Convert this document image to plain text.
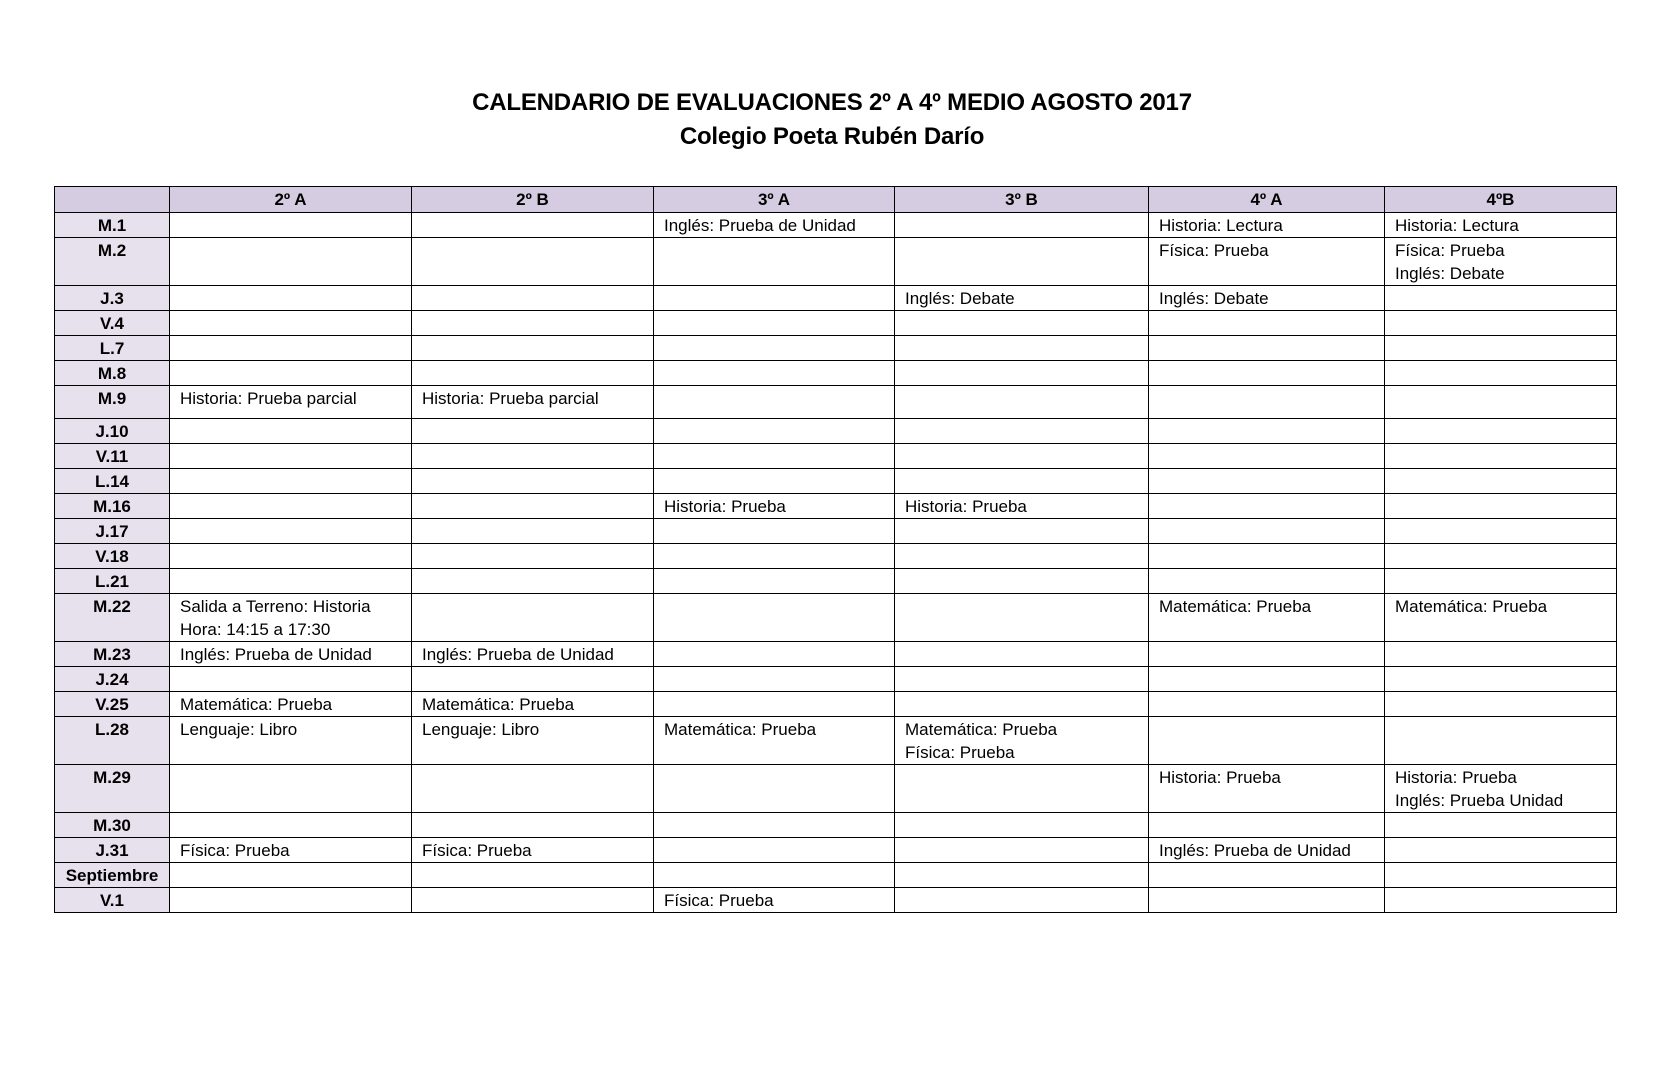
CALENDARIO DE EVALUACIONES 2º A 4º MEDIO AGOSTO 2017
Colegio Poeta Rubén Darío
	2º A	2º B	3º A	3º B	4º A	4ºB
M.1			Inglés: Prueba de Unidad		Historia: Lectura	Historia: Lectura

M.2					Física: Prueba	Física: Prueba
Inglés: Debate

J.3				Inglés: Debate	Inglés: Debate	

V.4						
L.7						
M.8						
M.9	Historia: Prueba parcial	Historia: Prueba parcial				

J.10						
V.11						
L.14						
M.16			Historia: Prueba	Historia: Prueba		

J.17						
V.18						
L.21						
M.22	Salida a Terreno: Historia
Hora: 14:15 a 17:30				Matemática: Prueba	Matemática: Prueba

M.23	Inglés: Prueba de Unidad	Inglés: Prueba de Unidad				

J.24						
V.25	Matemática: Prueba	Matemática: Prueba				

L.28	Lenguaje: Libro	Lenguaje: Libro	Matemática: Prueba	Matemática: Prueba
Física: Prueba		

M.29					Historia: Prueba	Historia: Prueba
Inglés: Prueba Unidad

M.30						
J.31	Física: Prueba	Física: Prueba			Inglés: Prueba de Unidad	

Septiembre						
V.1			Física: Prueba			
